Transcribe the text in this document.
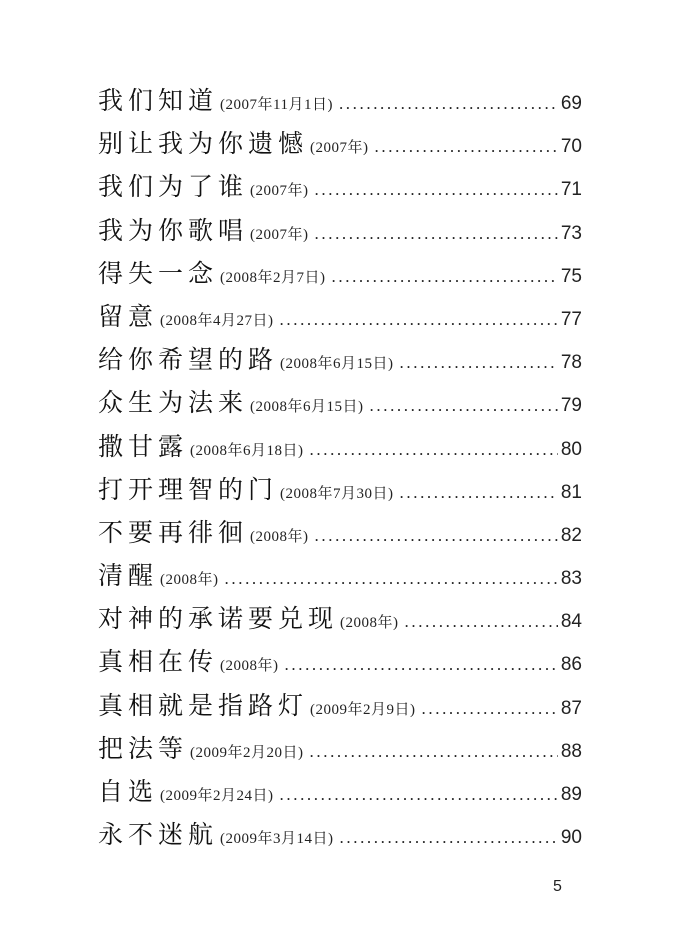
我们知道 (2007年11月1日) .....	69
别让我为你遗憾 (2007年) .....	70
我们为了谁 (2007年) .....	71
我为你歌唱 (2007年) .....	73
得失一念 (2008年2月7日) .....	75
留意 (2008年4月27日) .....	77
给你希望的路 (2008年6月15日) .....	78
众生为法来 (2008年6月15日) .....	79
撒甘露 (2008年6月18日) .....	80
打开理智的门 (2008年7月30日) .....	81
不要再徘徊 (2008年) .....	82
清醒 (2008年) .....	83
对神的承诺要兑现 (2008年) .....	84
真相在传 (2008年) .....	86
真相就是指路灯 (2009年2月9日) .....	87
把法等 (2009年2月20日) .....	88
自选 (2009年2月24日) .....	89
永不迷航 (2009年3月14日) .....	90
5
